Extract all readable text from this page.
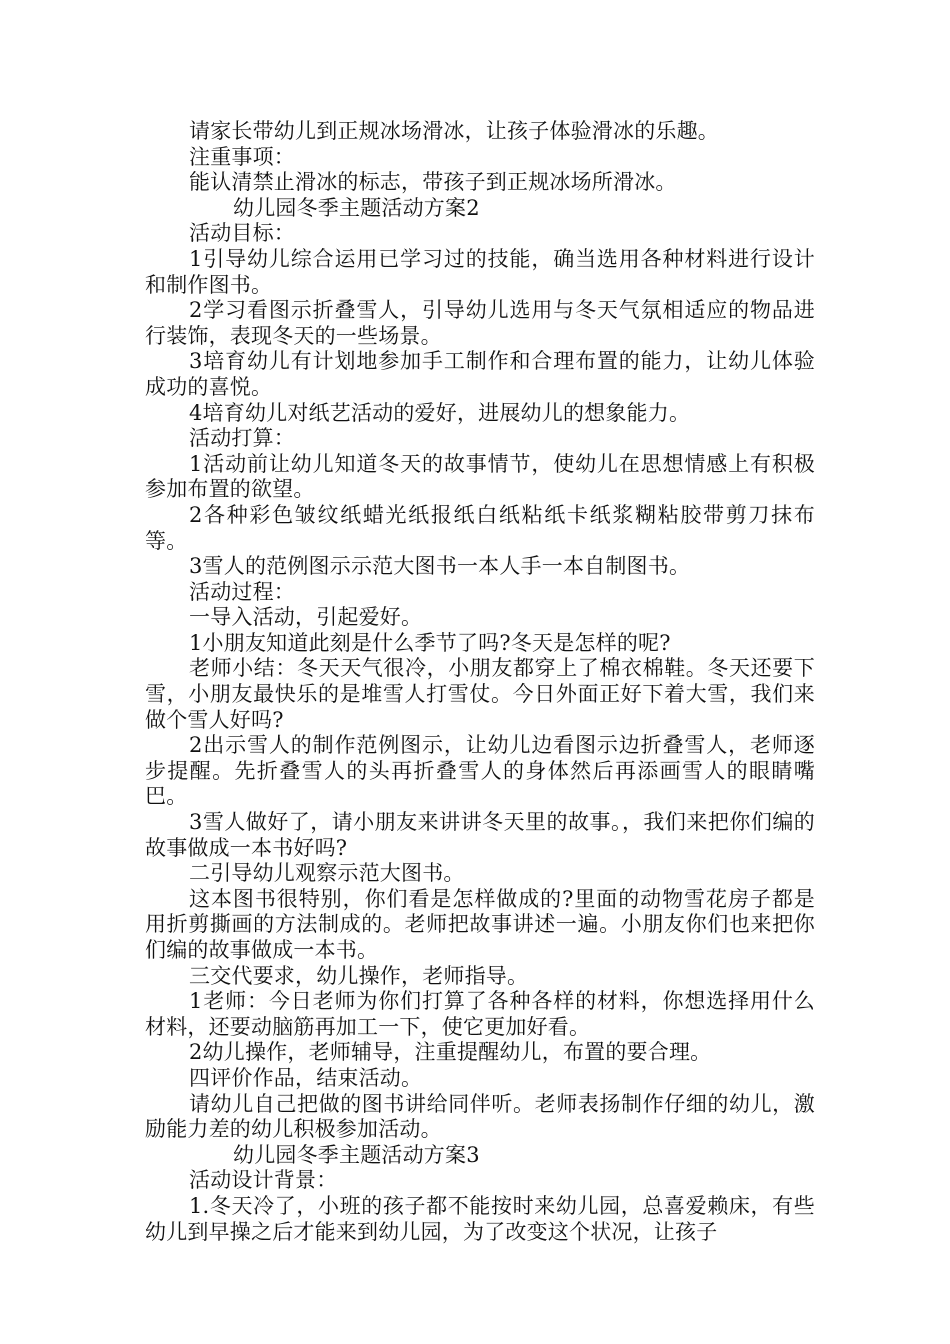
请家长带幼儿到正规冰场滑冰，让孩子体验滑冰的乐趣。

注重事项：

能认清禁止滑冰的标志，带孩子到正规冰场所滑冰。

幼儿园冬季主题活动方案2

活动目标：

1引导幼儿综合运用已学习过的技能，确当选用各种材料进行设计和制作图书。

2学习看图示折叠雪人，引导幼儿选用与冬天气氛相适应的物品进行装饰，表现冬天的一些场景。

3培育幼儿有计划地参加手工制作和合理布置的能力，让幼儿体验成功的喜悦。

4培育幼儿对纸艺活动的爱好，进展幼儿的想象能力。

活动打算：

1活动前让幼儿知道冬天的故事情节，使幼儿在思想情感上有积极参加布置的欲望。

2各种彩色皱纹纸蜡光纸报纸白纸粘纸卡纸浆糊粘胶带剪刀抹布等。

3雪人的范例图示示范大图书一本人手一本自制图书。

活动过程：

一导入活动，引起爱好。

1小朋友知道此刻是什么季节了吗?冬天是怎样的呢?

老师小结：冬天天气很冷，小朋友都穿上了棉衣棉鞋。冬天还要下雪，小朋友最快乐的是堆雪人打雪仗。今日外面正好下着大雪，我们来做个雪人好吗?

2出示雪人的制作范例图示，让幼儿边看图示边折叠雪人，老师逐步提醒。先折叠雪人的头再折叠雪人的身体然后再添画雪人的眼睛嘴巴。

3雪人做好了，请小朋友来讲讲冬天里的故事。，我们来把你们编的故事做成一本书好吗?

二引导幼儿观察示范大图书。

这本图书很特别，你们看是怎样做成的?里面的动物雪花房子都是用折剪撕画的方法制成的。老师把故事讲述一遍。小朋友你们也来把你们编的故事做成一本书。

三交代要求，幼儿操作，老师指导。

1老师：今日老师为你们打算了各种各样的材料，你想选择用什么材料，还要动脑筋再加工一下，使它更加好看。

2幼儿操作，老师辅导，注重提醒幼儿，布置的要合理。

四评价作品，结束活动。

请幼儿自己把做的图书讲给同伴听。老师表扬制作仔细的幼儿，激励能力差的幼儿积极参加活动。

幼儿园冬季主题活动方案3

活动设计背景：

1.冬天冷了，小班的孩子都不能按时来幼儿园，总喜爱赖床，有些幼儿到早操之后才能来到幼儿园，为了改变这个状况，让孩子
